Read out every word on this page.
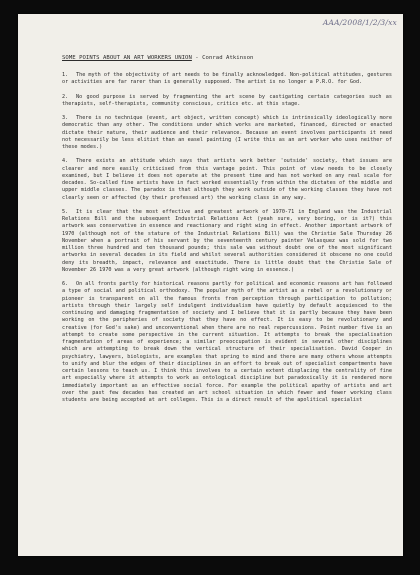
AAA/2008/1/2/3/xx
SOME POINTS ABOUT AN ART WORKERS UNION - Conrad Atkinson
1. The myth of the objectivity of art needs to be finally acknowledged. Non-political attitudes, gestures or activities are far rarer than is generally supposed. The artist is no longer a P.R.O. for God.
2. No good purpose is served by fragmenting the art scene by castigating certain categories such as therapists, self-therapists, community conscious, critics etc. at this stage.
3. There is no technique (event, art object, written concept) which is intrinsically ideologically more democratic than any other. The conditions under which works are marketed, financed, directed or enacted dictate their nature, their audience and their relevance. Because an event involves participants it need not necessarily be less elitist than an easel painting (I write this as an art worker who uses neither of these modes.)
4. There exists an attitude which says that artists work better 'outside' society, that issues are clearer and more easily criticised from this vantage point. This point of view needs to be closely examined, but I believe it does not operate at the present time and has not worked on any real scale for decades. So-called fine artists have in fact worked essentially from within the dictates of the middle and upper middle classes. The paradox is that although they work outside of the working classes they have not clearly seen or affected (by their professed art) the working class in any way.
5. It is clear that the most effective and greatest artwork of 1970-71 in England was the Industrial Relations Bill and the subsequent Industrial Relations Act (yeah sure, very boring, or is it?) this artwork was conservative in essence and reactionary and right wing in effect. Another important artwork of 1970 (although not of the stature of the Industrial Relations Bill) was the Christie Sale Thursday 26 November when a portrait of his servant by the seventeenth century painter Velasquez was sold for two million three hundred and ten thousand pounds; this sale was without doubt one of the most significant artworks in several decades in its field and whilst several authorities considered it obscene no one could deny its breadth, impact, relevance and exactitude. There is little doubt that the Christie Sale of November 26 1970 was a very great artwork (although right wing in essence.)
6. On all fronts partly for historical reasons partly for political and economic reasons art has followed a type of social and political orthodoxy. The popular myth of the artist as a rebel or a revolutionary or pioneer is transparent on all the famous fronts from perception through participation to pollution; artists through their largely self indulgent individualism have quietly by default acquiesced to the continuing and damaging fragmentation of society and I believe that it is partly because they have been working on the peripheries of society that they have no effect. It is easy to be revolutionary and creative (for God's sake) and unconventional when there are no real repercussions. Point number five is an attempt to create some perspective in the current situation. It attempts to break the specialisation fragmentation of areas of experience; a similar preoccupation is evident in several other disciplines which are attempting to break down the vertical structure of their specialisation. David Cooper in psychiatry, lawyers, biologists, are examples that spring to mind and there are many others whose attempts to unify and blur the edges of their disciplines in an effort to break out of specialist compartments have certain lessons to teach us. I think this involves to a certain extent displacing the centrality of fine art especially where it attempts to work as ontological discipline but paradoxically it is rendered more immediately important as an effective social force. For example the political apathy of artists and art over the past few decades has created an art school situation in which fewer and fewer working class students are being accepted at art colleges. This is a direct result of the apolitical specialist
